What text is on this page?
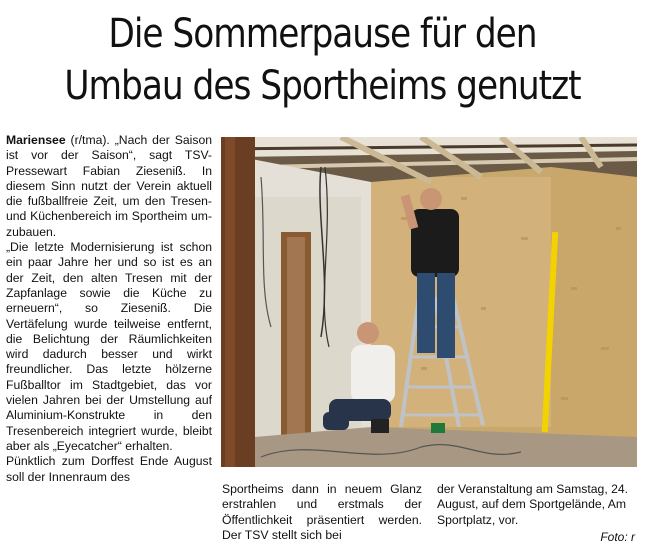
Die Sommerpause für den
Umbau des Sportheims genutzt

Mariensee (r/tma). „Nach der Saison ist vor der Saison“, sagt TSV-Pressewart Fabian Zieseniß. In diesem Sinn nutzt der Verein aktuell die fußballfreie Zeit, um den Tresen- und Küchenbereich im Sportheim umzubauen.

„Die letzte Modernisierung ist schon ein paar Jahre her und so ist es an der Zeit, den alten Tresen mit der Zapfanlage sowie die Küche zu erneuern“, so Zieseniß. Die Vertäfelung wurde teilweise entfernt, die Belichtung der Räumlichkeiten wird dadurch besser und wirkt freundlicher. Das letzte hölzerne Fußballtor im Stadtgebiet, das vor vielen Jahren bei der Umstellung auf Aluminium-Konstrukte in den Tresenbereich integriert wurde, bleibt aber als „Eyecatcher“ erhalten.

Pünktlich zum Dorffest Ende August soll der Innenraum des

Sportheims dann in neuem Glanz erstrahlen und erstmals der Öffentlichkeit präsentiert werden. Der TSV stellt sich bei
der Veranstaltung am Samstag, 24. August, auf dem Sportgelände, Am Sportplatz, vor.
Foto: r
